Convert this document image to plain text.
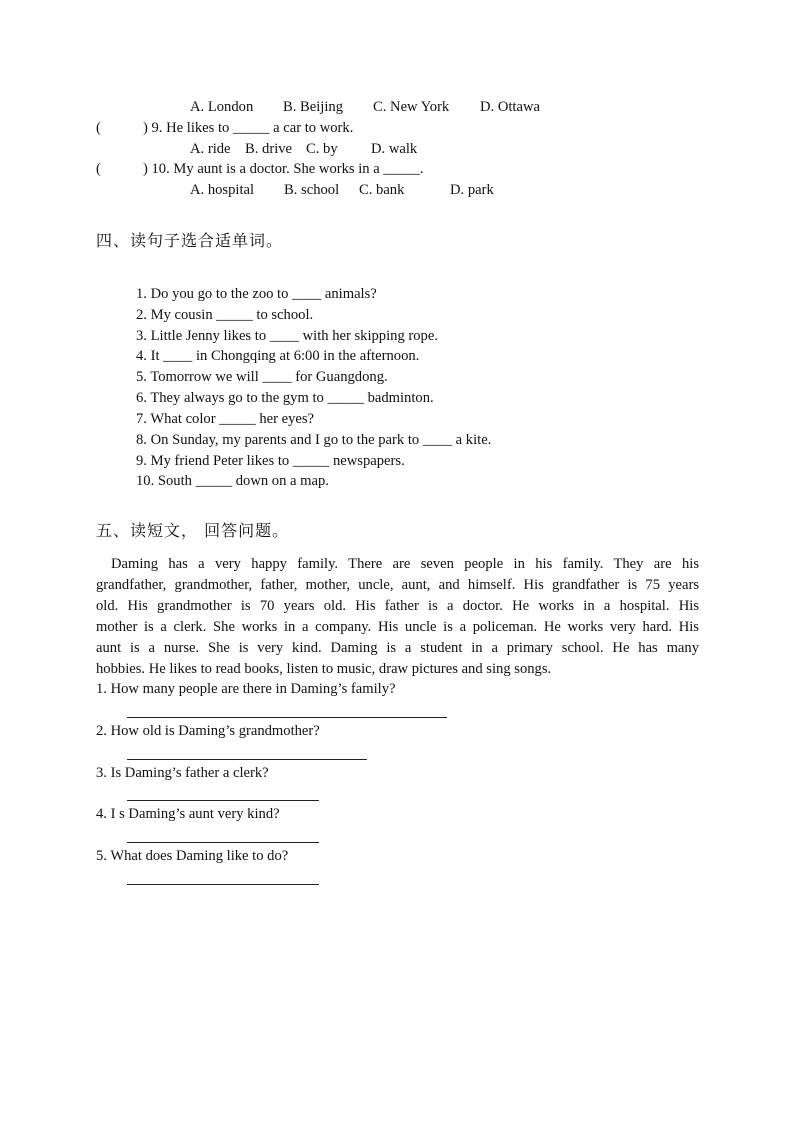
A. London B. Beijing C. New York D. Ottawa
(	) 9. He likes to _____ a car to work.
A. ride B. drive C. by D. walk
(	) 10. My aunt is a doctor. She works in a _____.
A. hospital B. school C. bank	D. park
四、读句子选合适单词。
1. Do you go to the zoo to ____ animals?
2. My cousin _____ to school.
3. Little Jenny likes to ____ with her skipping rope.
4. It ____ in Chongqing at 6:00 in the afternoon.
5. Tomorrow we will ____ for Guangdong.
6. They always go to the gym to _____ badminton.
7. What color _____ her eyes?
8. On Sunday, my parents and I go to the park to ____ a kite.
9. My friend Peter likes to _____ newspapers.
10. South _____ down on a map.
五、读短文， 回答问题。
Daming has a very happy family. There are seven people in his family. They are his
grandfather, grandmother, father, mother, uncle, aunt, and himself. His grandfather is 75 years
old. His grandmother is 70 years old. His father is a doctor. He works in a hospital. His
mother is a clerk. She works in a company. His uncle is a policeman. He works very hard. His
aunt is a nurse. She is very kind. Daming is a student in a primary school. He has many
hobbies. He likes to read books, listen to music, draw pictures and sing songs.
1. How many people are there in Daming’s family?
2. How old is Daming’s grandmother?
3. Is Daming’s father a clerk?
4. I s Daming’s aunt very kind?
5. What does Daming like to do?
